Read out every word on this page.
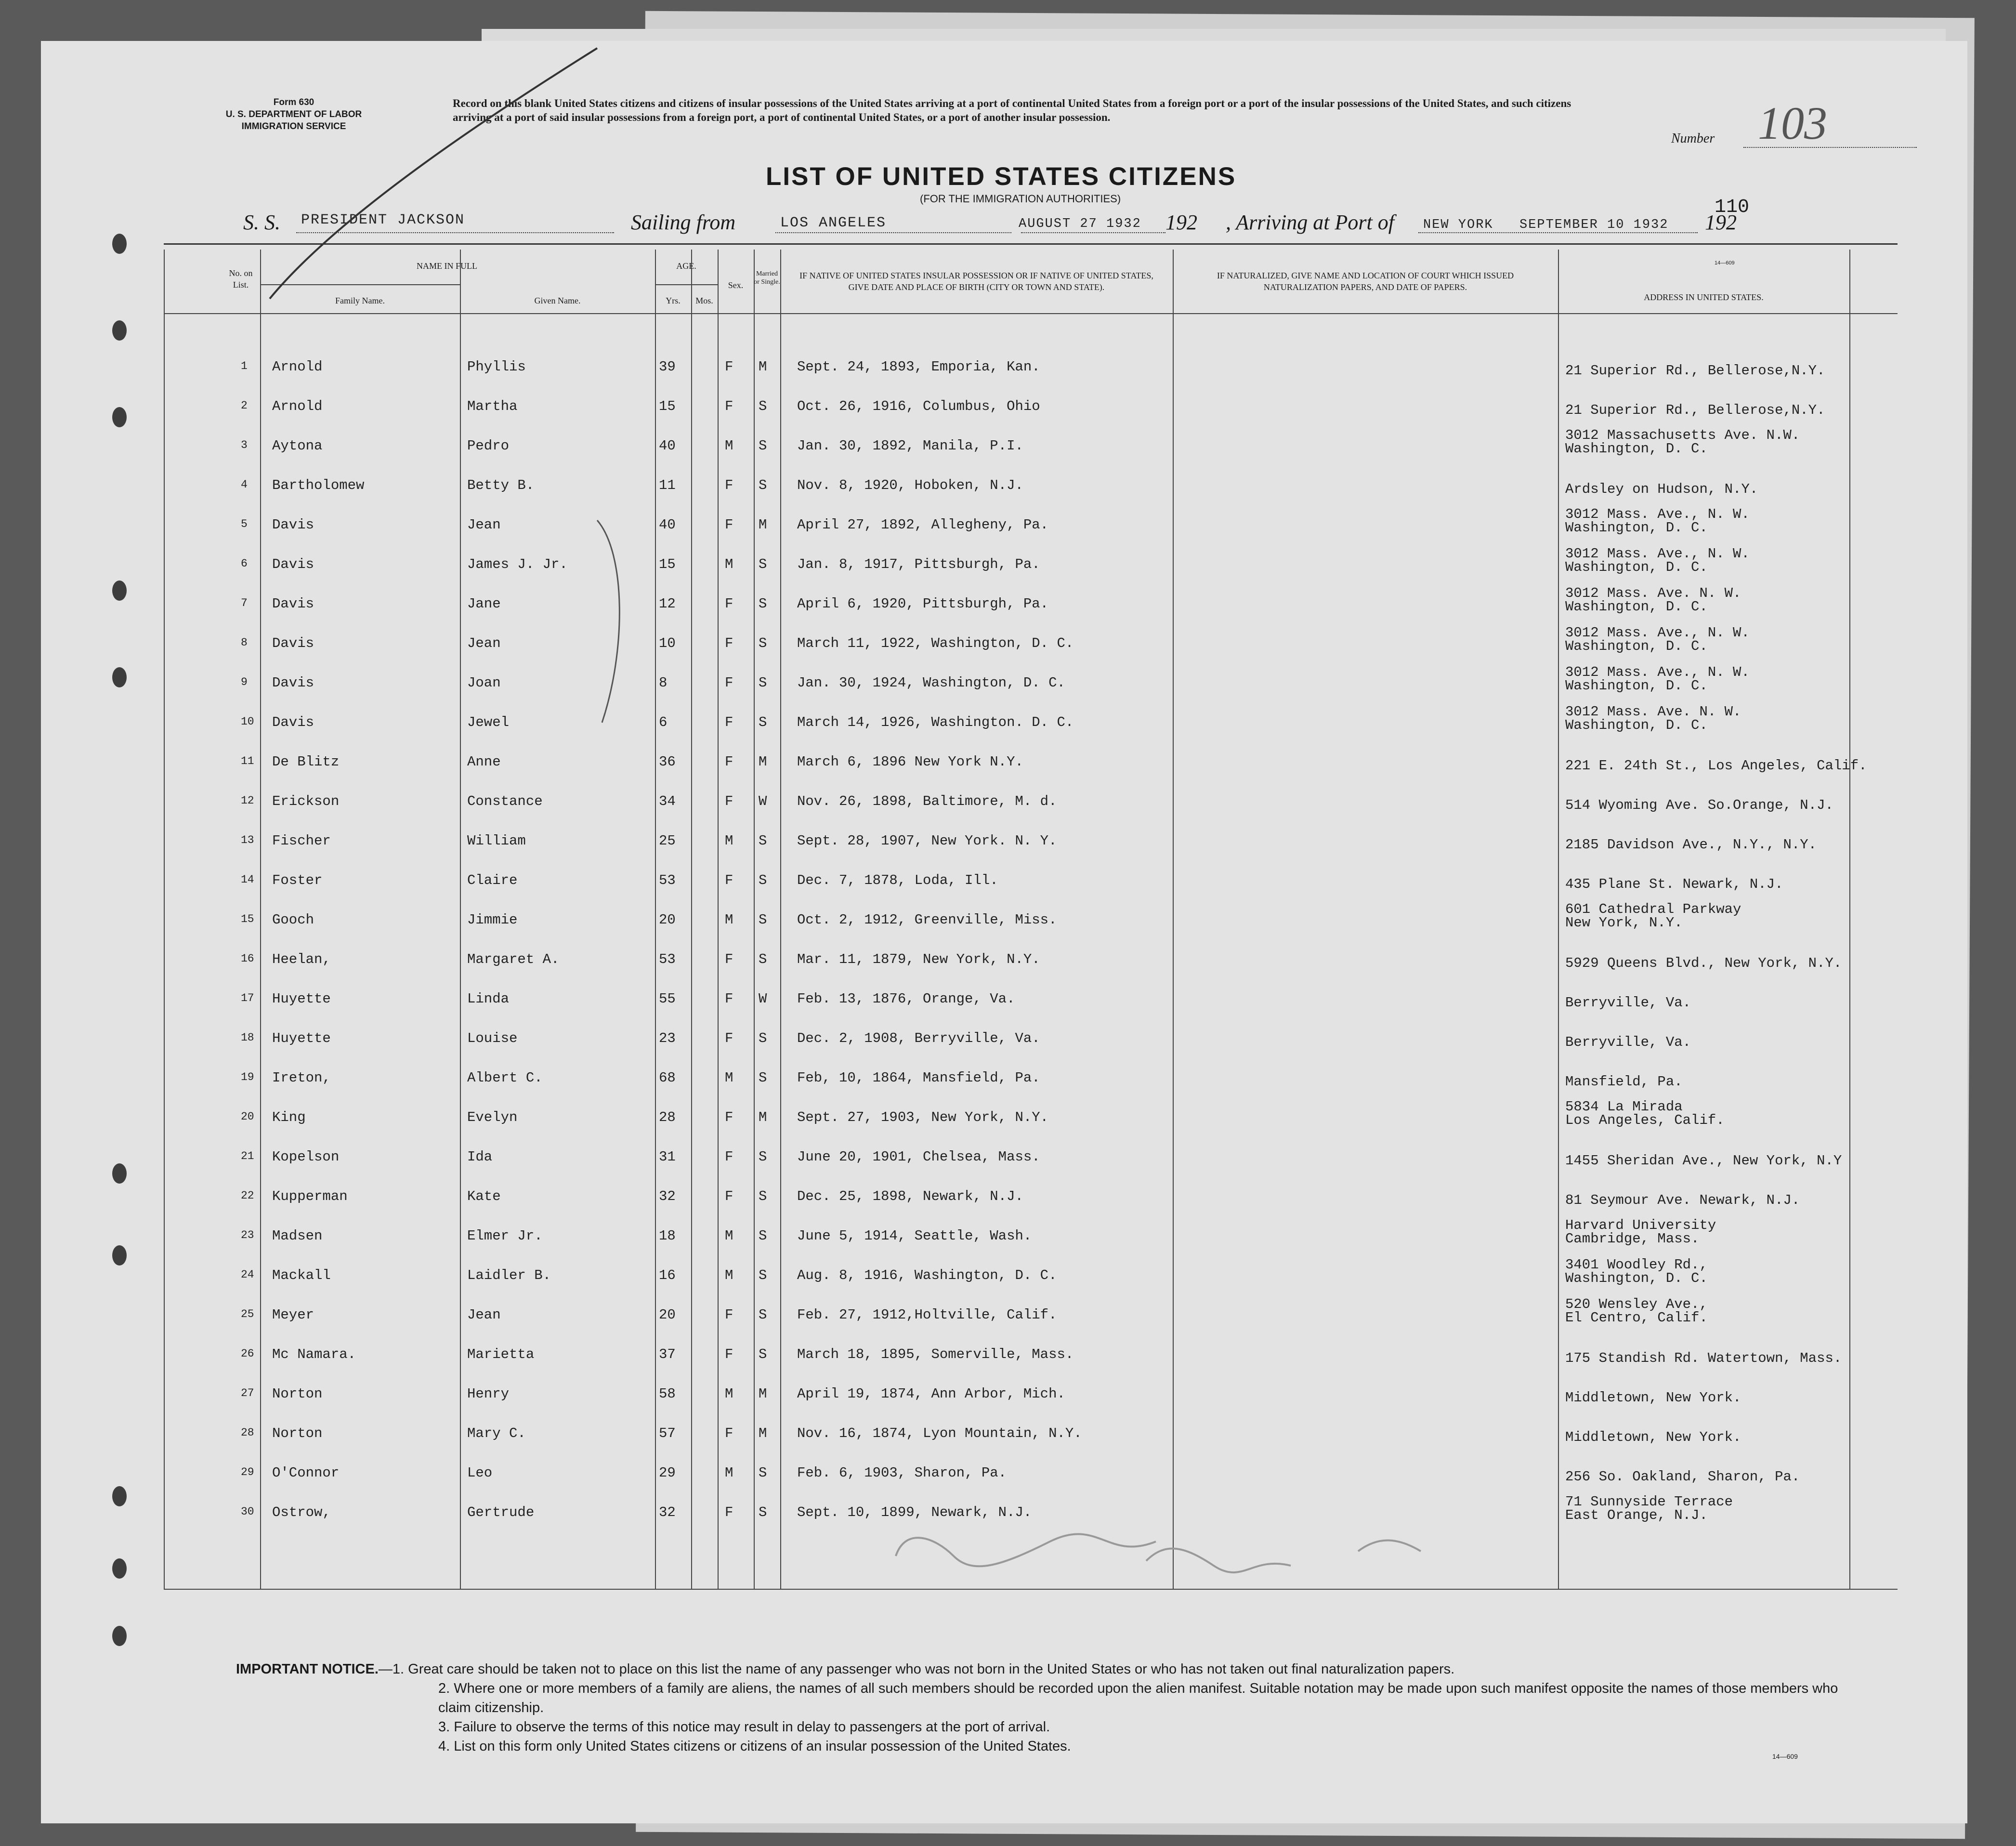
Form 630
U. S. DEPARTMENT OF LABOR
IMMIGRATION SERVICE
Record on this blank United States citizens and citizens of insular possessions of the United States arriving at a port of continental United States from a foreign port or a port of the insular possessions of the United States, and such citizens arriving at a port of said insular possessions from a foreign port, a port of continental United States, or a port of another insular possession.
Number 103
LIST OF UNITED STATES CITIZENS
(FOR THE IMMIGRATION AUTHORITIES)	110
S. S. PRESIDENT JACKSON	Sailing from	LOS ANGELES	AUGUST 27 1932 192 , Arriving at Port of NEW YORK SEPTEMBER 10 1932 192
14—609
No. on List.
NAME IN FULL
Family Name.	Given Name.
AGE.
Yrs.	Mos.
Sex.
Married or Single.
IF NATIVE OF UNITED STATES INSULAR POSSESSION OR IF NATIVE OF UNITED STATES, GIVE DATE AND PLACE OF BIRTH (CITY OR TOWN AND STATE).
IF NATURALIZED, GIVE NAME AND LOCATION OF COURT WHICH ISSUED NATURALIZATION PAPERS, AND DATE OF PAPERS.
ADDRESS IN UNITED STATES.
1 Arnold	Phyllis	39	F M Sept. 24, 1893, Emporia, Kan.	21 Superior Rd., Bellerose,N.Y.
2 Arnold	Martha	15	F S Oct. 26, 1916, Columbus, Ohio	21 Superior Rd., Bellerose,N.Y.
3 Aytona	Pedro	40	M S Jan. 30, 1892, Manila, P.I.
3012 Massachusetts Ave. N.W.
Washington, D. C.
4 Bartholomew	Betty B.	11	F S Nov. 8, 1920, Hoboken, N.J.	Ardsley on Hudson, N.Y.
5 Davis	Jean	40	F M April 27, 1892, Allegheny, Pa.
3012 Mass. Ave., N. W.
Washington, D. C.
6 Davis	James J. Jr.	15	M S Jan. 8, 1917, Pittsburgh, Pa.
3012 Mass. Ave., N. W.
Washington, D. C.
7 Davis	Jane	12	F S April 6, 1920, Pittsburgh, Pa.
3012 Mass. Ave. N. W.
Washington, D. C.
8 Davis	Jean	10	F S March 11, 1922, Washington, D. C.
3012 Mass. Ave., N. W.
Washington, D. C.
9 Davis	Joan	8	F S Jan. 30, 1924, Washington, D. C.
3012 Mass. Ave., N. W.
Washington, D. C.
10 Davis	Jewel	6	F S March 14, 1926, Washington. D. C.
3012 Mass. Ave. N. W.
Washington, D. C.
11 De Blitz	Anne	36	F M March 6, 1896 New York N.Y.	221 E. 24th St., Los Angeles, Calif.
12 Erickson	Constance	34	F W Nov. 26, 1898, Baltimore, M. d.	514 Wyoming Ave. So.Orange, N.J.
13 Fischer	William	25	M S Sept. 28, 1907, New York. N. Y.	2185 Davidson Ave., N.Y., N.Y.
14 Foster	Claire	53	F S Dec. 7, 1878, Loda, Ill.	435 Plane St. Newark, N.J.
15 Gooch	Jimmie	20	M S Oct. 2, 1912, Greenville, Miss.
601 Cathedral Parkway
New York, N.Y.
16 Heelan,	Margaret A.	53	F S Mar. 11, 1879, New York, N.Y.	5929 Queens Blvd., New York, N.Y.
17 Huyette	Linda	55	F W Feb. 13, 1876, Orange, Va.	Berryville, Va.
18 Huyette	Louise	23	F S Dec. 2, 1908, Berryville, Va.	Berryville, Va.
19 Ireton,	Albert C.	68	M S Feb, 10, 1864, Mansfield, Pa.	Mansfield, Pa.
20 King	Evelyn	28	F M Sept. 27, 1903, New York, N.Y.
5834 La Mirada
Los Angeles, Calif.
21 Kopelson	Ida	31	F S June 20, 1901, Chelsea, Mass.	1455 Sheridan Ave., New York, N.Y
22 Kupperman	Kate	32	F S Dec. 25, 1898, Newark, N.J.	81 Seymour Ave. Newark, N.J.
23 Madsen	Elmer Jr.	18	M S June 5, 1914, Seattle, Wash.
Harvard University
Cambridge, Mass.
24 Mackall	Laidler B.	16	M S Aug. 8, 1916, Washington, D. C.
3401 Woodley Rd.,
Washington, D. C.
25 Meyer	Jean	20	F S Feb. 27, 1912,Holtville, Calif.
520 Wensley Ave.,
El Centro, Calif.
26 Mc Namara.	Marietta	37	F S March 18, 1895, Somerville, Mass.	175 Standish Rd. Watertown, Mass.
27 Norton	Henry	58	M M April 19, 1874, Ann Arbor, Mich.	Middletown, New York.
28 Norton	Mary C.	57	F M Nov. 16, 1874, Lyon Mountain, N.Y.	Middletown, New York.
29 O'Connor	Leo	29	M S Feb. 6, 1903, Sharon, Pa.	256 So. Oakland, Sharon, Pa.
30 Ostrow,	Gertrude	32	F S Sept. 10, 1899, Newark, N.J.
71 Sunnyside Terrace
East Orange, N.J.
IMPORTANT NOTICE.—1. Great care should be taken not to place on this list the name of any passenger who was not born in the United States or who has not taken out final naturalization papers.
2. Where one or more members of a family are aliens, the names of all such members should be recorded upon the alien manifest. Suitable notation may be made upon such manifest opposite the names of those members who claim citizenship.
3. Failure to observe the terms of this notice may result in delay to passengers at the port of arrival.
4. List on this form only United States citizens or citizens of an insular possession of the United States.
14—609
